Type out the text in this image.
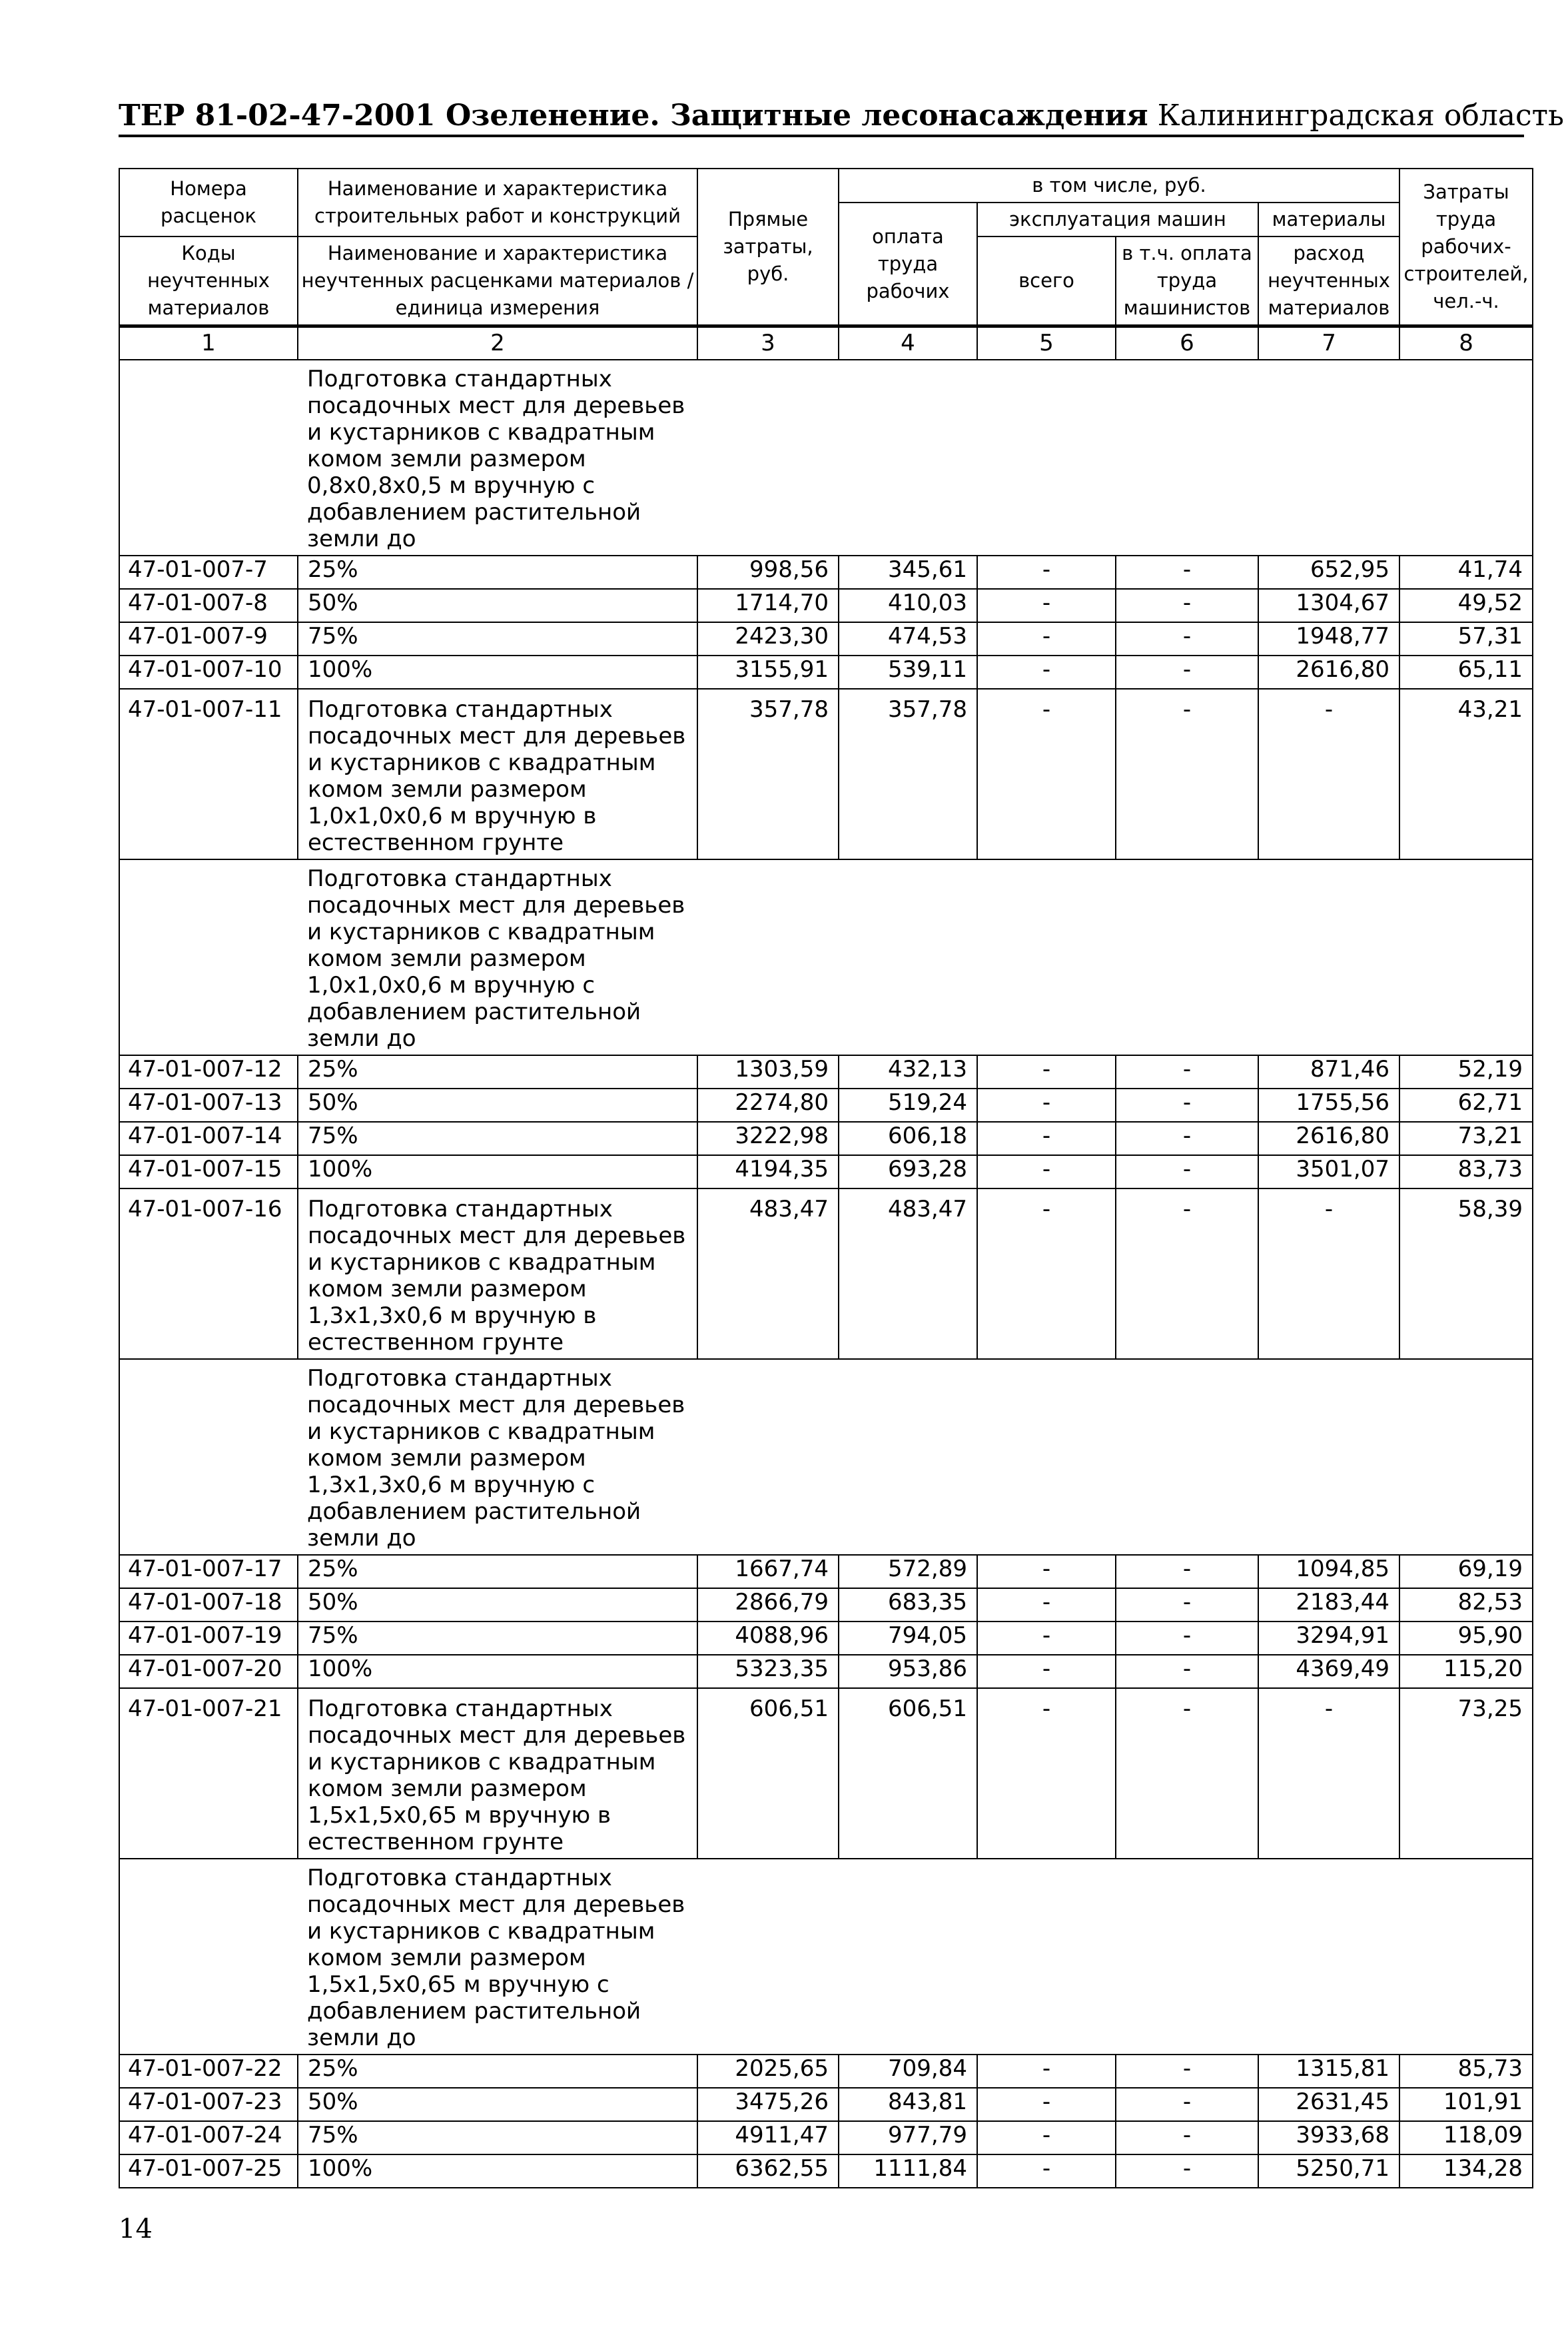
ТЕР 81-02-47-2001 Озеленение. Защитные лесонасаждения Калининградская область
Номера расценок	Наименование и характеристика строительных работ и конструкций	Прямые затраты, руб.	в том числе, руб.				Затраты труда рабочих-строителей, чел.-ч.
			оплата труда рабочих	эксплуатация машин		материалы	
Коды неучтенных материалов	Наименование и характеристика неучтенных расценками материалов / единица измерения			всего	в т.ч. оплата труда машинистов	расход неучтенных материалов	

1	2	3	4	5	6	7	8
	Подготовка стандартных посадочных мест для деревьев и кустарников с квадратным комом земли размером 0,8х0,8х0,5 м вручную с добавлением растительной земли до						
47-01-007-7	25%	998,56	345,61	-	-	652,95	41,74
47-01-007-8	50%	1714,70	410,03	-	-	1304,67	49,52
47-01-007-9	75%	2423,30	474,53	-	-	1948,77	57,31
47-01-007-10	100%	3155,91	539,11	-	-	2616,80	65,11
47-01-007-11	Подготовка стандартных посадочных мест для деревьев и кустарников с квадратным комом земли размером 1,0х1,0х0,6 м вручную в естественном грунте	357,78	357,78	-	-	-	43,21
	Подготовка стандартных посадочных мест для деревьев и кустарников с квадратным комом земли размером 1,0х1,0х0,6 м вручную с добавлением растительной земли до						
47-01-007-12	25%	1303,59	432,13	-	-	871,46	52,19
47-01-007-13	50%	2274,80	519,24	-	-	1755,56	62,71
47-01-007-14	75%	3222,98	606,18	-	-	2616,80	73,21
47-01-007-15	100%	4194,35	693,28	-	-	3501,07	83,73
47-01-007-16	Подготовка стандартных посадочных мест для деревьев и кустарников с квадратным комом земли размером 1,3х1,3х0,6 м вручную в естественном грунте	483,47	483,47	-	-	-	58,39
	Подготовка стандартных посадочных мест для деревьев и кустарников с квадратным комом земли размером 1,3х1,3х0,6 м вручную с добавлением растительной земли до						
47-01-007-17	25%	1667,74	572,89	-	-	1094,85	69,19
47-01-007-18	50%	2866,79	683,35	-	-	2183,44	82,53
47-01-007-19	75%	4088,96	794,05	-	-	3294,91	95,90
47-01-007-20	100%	5323,35	953,86	-	-	4369,49	115,20
47-01-007-21	Подготовка стандартных посадочных мест для деревьев и кустарников с квадратным комом земли размером 1,5х1,5х0,65 м вручную в естественном грунте	606,51	606,51	-	-	-	73,25
	Подготовка стандартных посадочных мест для деревьев и кустарников с квадратным комом земли размером 1,5х1,5х0,65 м вручную с добавлением растительной земли до						
47-01-007-22	25%	2025,65	709,84	-	-	1315,81	85,73
47-01-007-23	50%	3475,26	843,81	-	-	2631,45	101,91
47-01-007-24	75%	4911,47	977,79	-	-	3933,68	118,09
47-01-007-25	100%	6362,55	1111,84	-	-	5250,71	134,28
14
